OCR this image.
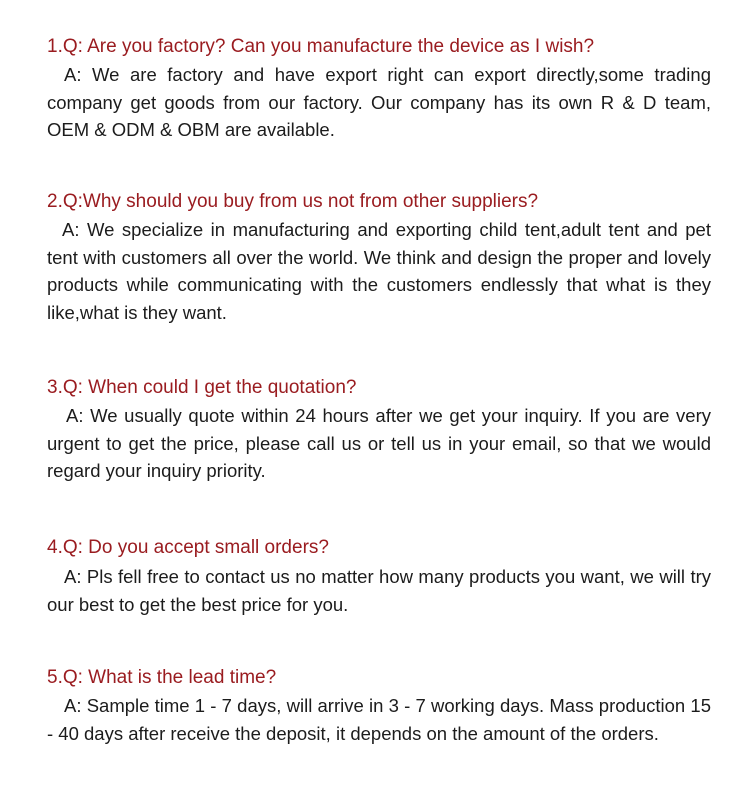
1.Q: Are you factory? Can you manufacture the device as I wish?
A: We are factory and have export right can export directly,some trading company get goods from our factory. Our company has its own R & D team, OEM & ODM & OBM are available.
2.Q:Why should you buy from us not from other suppliers?
A: We specialize in manufacturing and exporting child tent,adult tent and pet tent with customers all over the world. We think and design the proper and lovely products while communicating with the customers endlessly that what is they like,what is they want.
3.Q: When could I get the quotation?
A: We usually quote within 24 hours after we get your inquiry. If you are very urgent to get the price, please call us or tell us in your email, so that we would regard your inquiry priority.
4.Q: Do you accept small orders?
A: Pls fell free to contact us no matter how many products you want, we will try our best to get the best price for you.
5.Q: What is the lead time?
A: Sample time 1 - 7 days, will arrive in 3 - 7 working days. Mass production 15 - 40 days after receive the deposit, it depends on the amount of the orders.
